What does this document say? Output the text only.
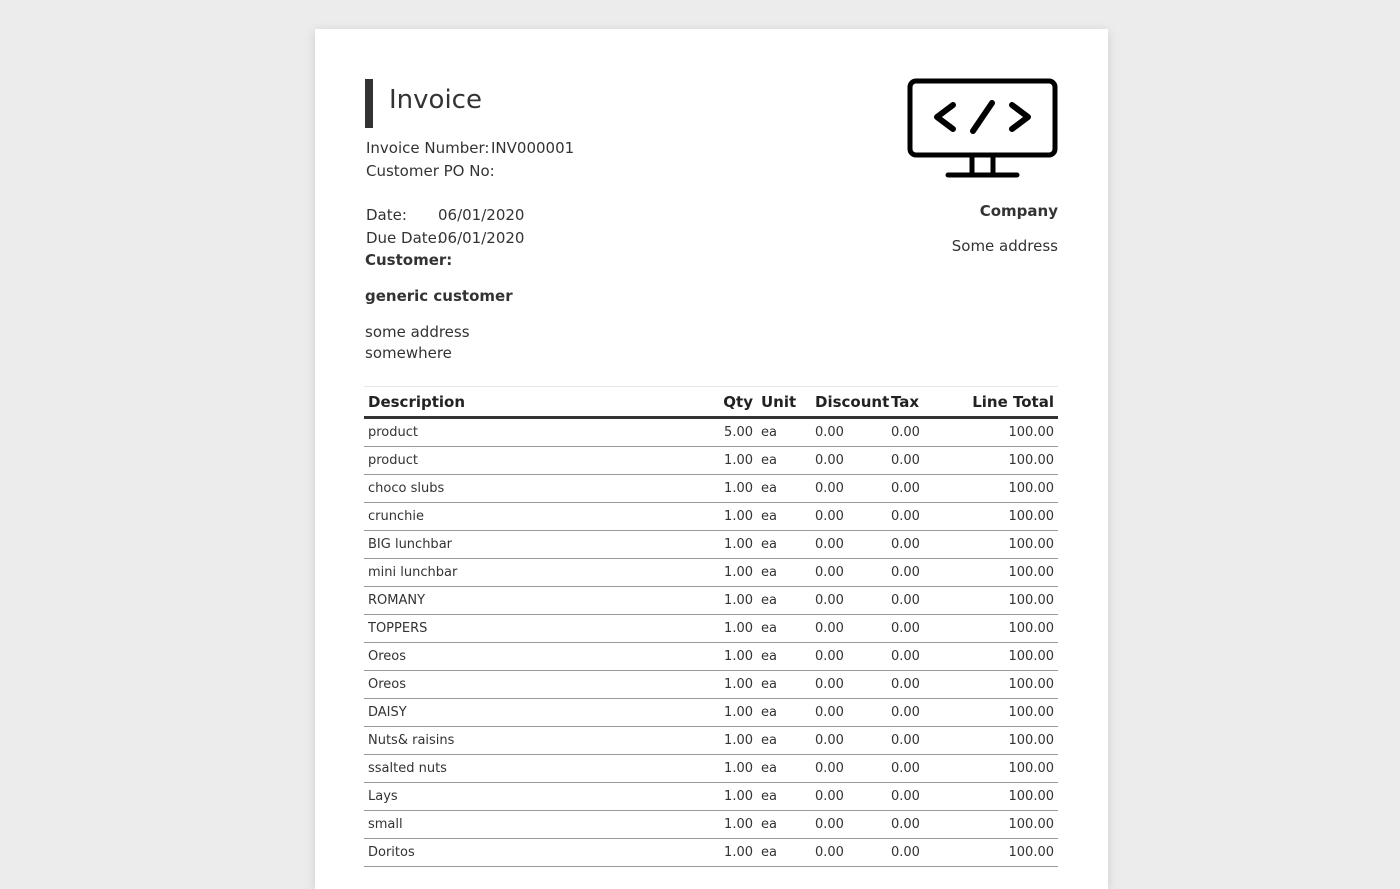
Invoice
Invoice Number: INV000001
Customer PO No:
Date: 06/01/2020
Due Date:
06/01/2020
Customer:
generic customer
some address
somewhere
Company
Some address
Description	Qty	Unit	Discount	Tax	Line Total
product	5.00	ea	0.00	0.00	100.00
product	1.00	ea	0.00	0.00	100.00
choco slubs	1.00	ea	0.00	0.00	100.00
crunchie	1.00	ea	0.00	0.00	100.00
BIG lunchbar	1.00	ea	0.00	0.00	100.00
mini lunchbar	1.00	ea	0.00	0.00	100.00
ROMANY	1.00	ea	0.00	0.00	100.00
TOPPERS	1.00	ea	0.00	0.00	100.00
Oreos	1.00	ea	0.00	0.00	100.00
Oreos	1.00	ea	0.00	0.00	100.00
DAISY	1.00	ea	0.00	0.00	100.00
Nuts& raisins	1.00	ea	0.00	0.00	100.00
ssalted nuts	1.00	ea	0.00	0.00	100.00
Lays	1.00	ea	0.00	0.00	100.00
small	1.00	ea	0.00	0.00	100.00
Doritos	1.00	ea	0.00	0.00	100.00
